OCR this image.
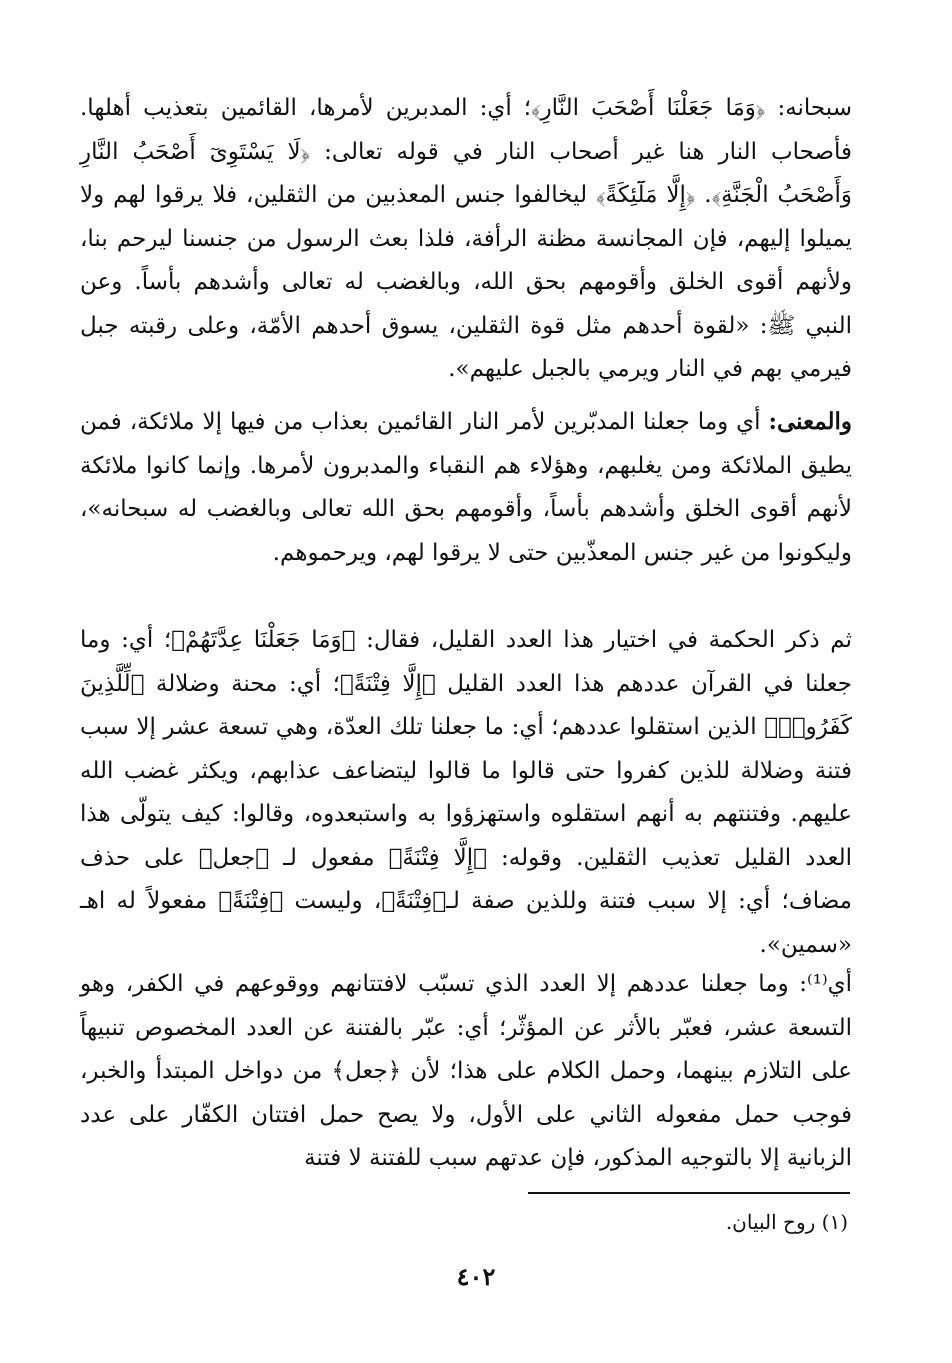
سبحانه: ﴿وَمَا جَعَلْنَا أَصْحَبَ النَّارِ﴾؛ أي: المدبرين لأمرها، القائمين بتعذيب أهلها. فأصحاب النار هنا غير أصحاب النار في قوله تعالى: ﴿لَا يَسْتَوِىٓ أَصْحَبُ النَّارِ وَأَصْحَبُ الْجَنَّةِ﴾. ﴿إِلَّا مَلَٓئِكَةً﴾ ليخالفوا جنس المعذبين من الثقلين، فلا يرقوا لهم ولا يميلوا إليهم، فإن المجانسة مظنة الرأفة، فلذا بعث الرسول من جنسنا ليرحم بنا، ولأنهم أقوى الخلق وأقومهم بحق الله، وبالغضب له تعالى وأشدهم بأساً. وعن النبي ﷺ: «لقوة أحدهم مثل قوة الثقلين، يسوق أحدهم الأمّة، وعلى رقبته جبل فيرمي بهم في النار ويرمي بالجبل عليهم».

والمعنى: أي وما جعلنا المدبّرين لأمر النار القائمين بعذاب من فيها إلا ملائكة، فمن يطيق الملائكة ومن يغلبهم، وهؤلاء هم النقباء والمدبرون لأمرها. وإنما كانوا ملائكة لأنهم أقوى الخلق وأشدهم بأساً، وأقومهم بحق الله تعالى وبالغضب له سبحانه»، وليكونوا من غير جنس المعذّبين حتى لا يرقوا لهم، ويرحموهم.

ثم ذكر الحكمة في اختيار هذا العدد القليل، فقال: ﴿وَمَا جَعَلْنَا عِدَّتَهُمْ﴾؛ أي: وما جعلنا في القرآن عددهم هذا العدد القليل ﴿إِلَّا فِتْنَةً﴾؛ أي: محنة وضلالة ﴿لِّلَّذِينَ كَفَرُوا۟﴾ الذين استقلوا عددهم؛ أي: ما جعلنا تلك العدّة، وهي تسعة عشر إلا سبب فتنة وضلالة للذين كفروا حتى قالوا ما قالوا ليتضاعف عذابهم، ويكثر غضب الله عليهم. وفتنتهم به أنهم استقلوه واستهزؤوا به واستبعدوه، وقالوا: كيف يتولّى هذا العدد القليل تعذيب الثقلين. وقوله: ﴿إِلَّا فِتْنَةً﴾ مفعول لـ ﴿جعل﴾ على حذف مضاف؛ أي: إلا سبب فتنة وللذين صفة لـ﴿فِتْنَةً﴾، وليست ﴿فِتْنَةً﴾ مفعولاً له اهـ «سمين».

أي⁽¹⁾: وما جعلنا عددهم إلا العدد الذي تسبّب لافتتانهم ووقوعهم في الكفر، وهو التسعة عشر، فعبّر بالأثر عن المؤثّر؛ أي: عبّر بالفتنة عن العدد المخصوص تنبيهاً على التلازم بينهما، وحمل الكلام على هذا؛ لأن ﴿جعل﴾ من دواخل المبتدأ والخبر، فوجب حمل مفعوله الثاني على الأول، ولا يصح حمل افتتان الكفّار على عدد الزبانية إلا بالتوجيه المذكور، فإن عدتهم سبب للفتنة لا فتنة

(١) روح البيان.

٤٠٢
